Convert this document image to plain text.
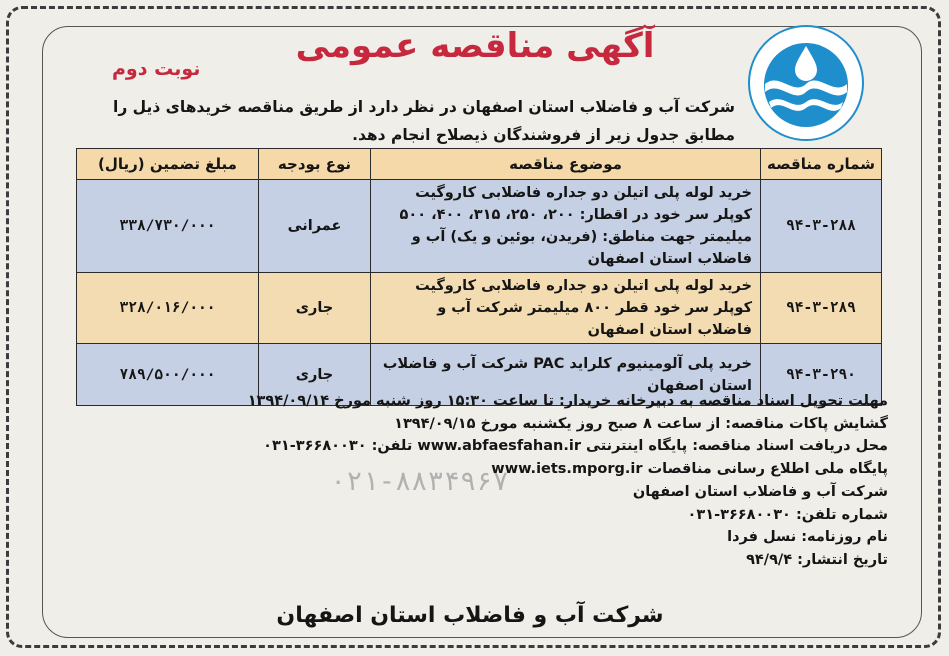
آگهی مناقصه عمومی
نوبت دوم
شرکت آب و فاضلاب استان اصفهان در نظر دارد از طریق مناقصه خریدهای ذیل را مطابق جدول زیر از فروشندگان ذیصلاح انجام دهد.
شماره مناقصه	موضوع مناقصه	نوع بودجه	مبلغ تضمین (ریال)
۹۴-۳-۲۸۸	خرید لوله پلی اتیلن دو جداره فاضلابی کاروگیت کوپلر سر خود در اقطار: ۲۰۰، ۲۵۰، ۳۱۵، ۴۰۰، ۵۰۰ میلیمتر جهت مناطق: (فریدن، بوئین و یک) آب و فاضلاب استان اصفهان	عمرانی	۳۳۸/۷۳۰/۰۰۰
۹۴-۳-۲۸۹	خرید لوله پلی اتیلن دو جداره فاضلابی کاروگیت کوپلر سر خود قطر ۸۰۰ میلیمتر شرکت آب و فاضلاب استان اصفهان	جاری	۳۲۸/۰۱۶/۰۰۰
۹۴-۳-۲۹۰	خرید پلی آلومینیوم کلراید PAC شرکت آب و فاضلاب استان اصفهان	جاری	۷۸۹/۵۰۰/۰۰۰
۰۲۱-۸۸۳۴۹۶۷
مهلت تحویل اسناد مناقصه به دبیرخانه خریدار: تا ساعت ۱۵:۳۰ روز شنبه مورخ ۱۳۹۴/۰۹/۱۴
گشایش پاکات مناقصه: از ساعت ۸ صبح روز یکشنبه مورخ ۱۳۹۴/۰۹/۱۵
محل دریافت اسناد مناقصه: پایگاه اینترنتی www.abfaesfahan.ir تلفن: ۳۶۶۸۰۰۳۰-۰۳۱
پایگاه ملی اطلاع رسانی مناقصات www.iets.mporg.ir
شرکت آب و فاضلاب استان اصفهان
شماره تلفن: ۳۶۶۸۰۰۳۰-۰۳۱
نام روزنامه: نسل فردا
تاریخ انتشار: ۹۴/۹/۴
شرکت آب و فاضلاب استان اصفهان
